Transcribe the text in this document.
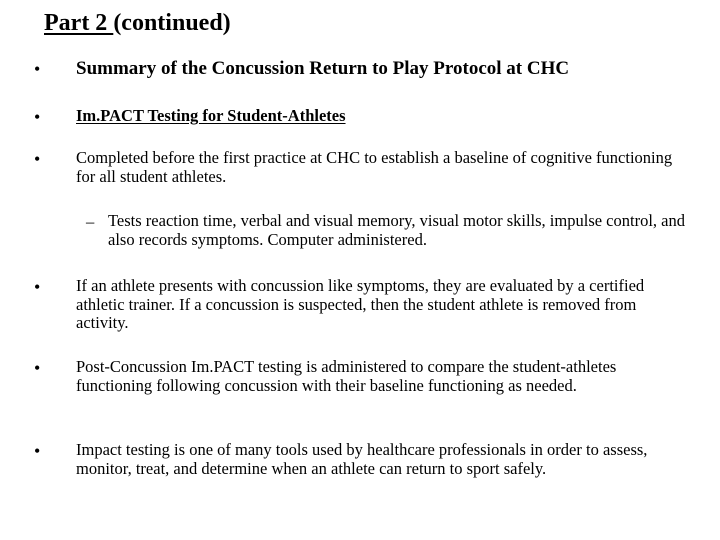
Part 2 (continued)
• Summary of the Concussion Return to Play Protocol at CHC
• Im.PACT Testing for Student-Athletes
• Completed before the first practice at CHC to establish a baseline of cognitive functioning for all student athletes.
– Tests reaction time, verbal and visual memory, visual motor skills, impulse control, and also records symptoms. Computer administered.
• If an athlete presents with concussion like symptoms, they are evaluated by a certified athletic trainer. If a concussion is suspected, then the student athlete is removed from activity.
• Post-Concussion Im.PACT testing is administered to compare the student-athletes functioning following concussion with their baseline functioning as needed.
• Impact testing is one of many tools used by healthcare professionals in order to assess, monitor, treat, and determine when an athlete can return to sport safely.
